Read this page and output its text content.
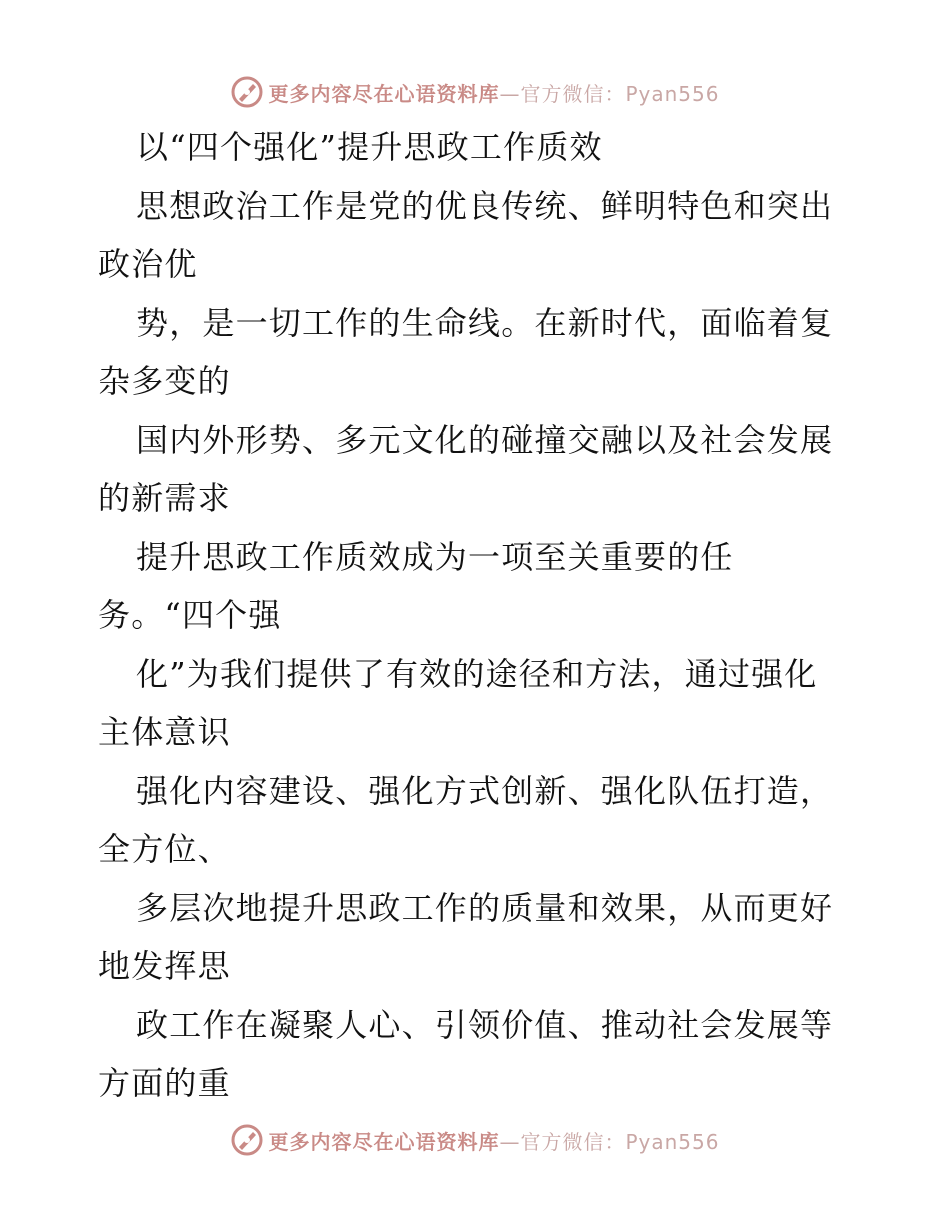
更多内容尽在心语资料库—官方微信：Pyan556
以“四个强化”提升思政工作质效
思想政治工作是党的优良传统、鲜明特色和突出
政治优
势，是一切工作的生命线。在新时代，面临着复
杂多变的
国内外形势、多元文化的碰撞交融以及社会发展
的新需求
提升思政工作质效成为一项至关重要的任
务。“四个强
化”为我们提供了有效的途径和方法，通过强化
主体意识
强化内容建设、强化方式创新、强化队伍打造，
全方位、
多层次地提升思政工作的质量和效果，从而更好
地发挥思
政工作在凝聚人心、引领价值、推动社会发展等
方面的重
更多内容尽在心语资料库—官方微信：Pyan556
